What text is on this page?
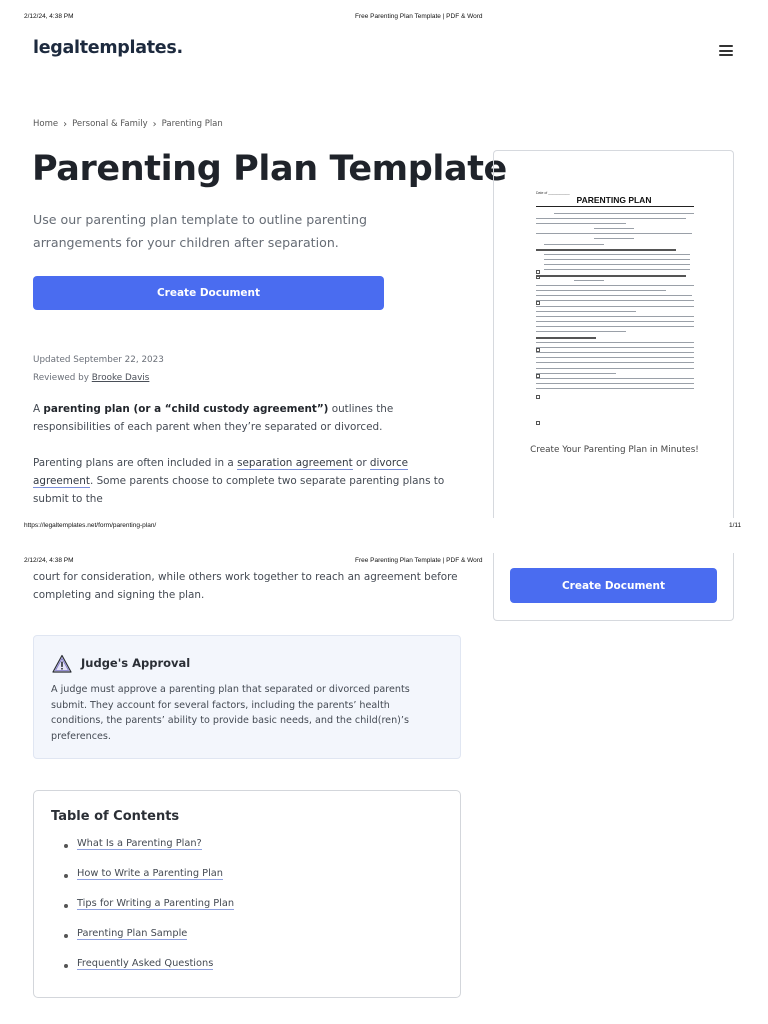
2/12/24, 4:38 PM	Free Parenting Plan Template | PDF & Word
https://legaltemplates.net/form/parenting-plan/	1/11
2/12/24, 4:38 PM	Free Parenting Plan Template | PDF & Word
legaltemplates.
Home › Personal & Family › Parenting Plan
Parenting Plan Template

Use our parenting plan template to outline parenting arrangements for your children after separation.

Create Document
Updated September 22, 2023
Reviewed by Brooke Davis

A parenting plan (or a “child custody agreement”) outlines the responsibilities of each parent when they’re separated or divorced.

Parenting plans are often included in a separation agreement or divorce agreement. Some parents choose to complete two separate parenting plans to submit to the

court for consideration, while others work together to reach an agreement before completing and signing the plan.

Date of ___________
PARENTING PLAN
Create Your Parenting Plan in Minutes!
Create Document
Judge's Approval
A judge must approve a parenting plan that separated or divorced parents submit. They account for several factors, including the parents’ health conditions, the parents’ ability to provide basic needs, and the child(ren)’s preferences.
Table of Contents
What Is a Parenting Plan?
How to Write a Parenting Plan
Tips for Writing a Parenting Plan
Parenting Plan Sample
Frequently Asked Questions
